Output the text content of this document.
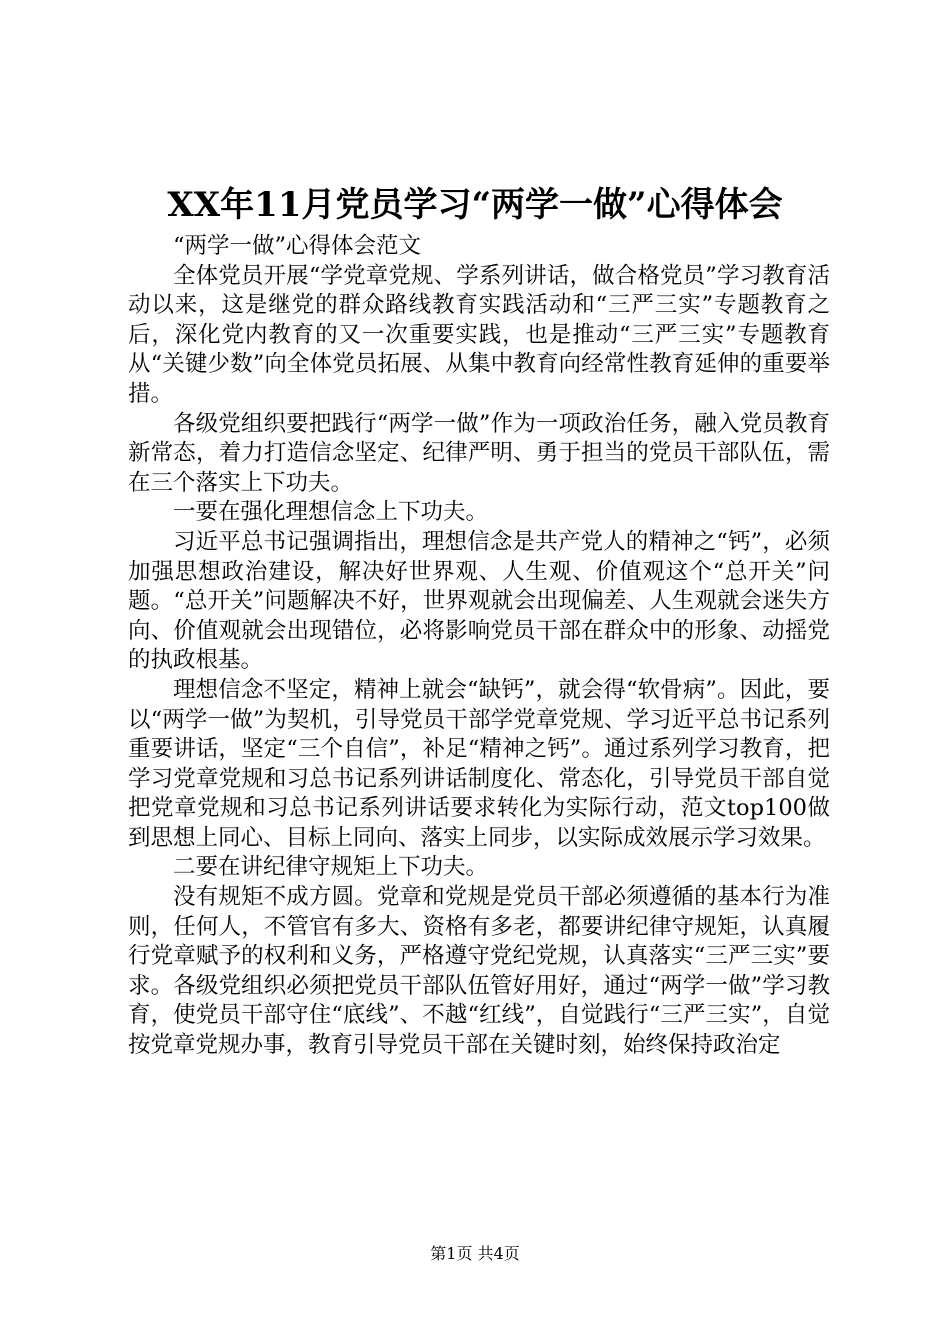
XX年11月党员学习“两学一做”心得体会

“两学一做”心得体会范文

全体党员开展“学党章党规、学系列讲话，做合格党员”学习教育活动以来，这是继党的群众路线教育实践活动和“三严三实”专题教育之后，深化党内教育的又一次重要实践，也是推动“三严三实”专题教育从“关键少数”向全体党员拓展、从集中教育向经常性教育延伸的重要举措。

各级党组织要把践行“两学一做”作为一项政治任务，融入党员教育新常态，着力打造信念坚定、纪律严明、勇于担当的党员干部队伍，需在三个落实上下功夫。

一要在强化理想信念上下功夫。

习近平总书记强调指出，理想信念是共产党人的精神之“钙”，必须加强思想政治建设，解决好世界观、人生观、价值观这个“总开关”问题。“总开关”问题解决不好，世界观就会出现偏差、人生观就会迷失方向、价值观就会出现错位，必将影响党员干部在群众中的形象、动摇党的执政根基。

理想信念不坚定，精神上就会“缺钙”，就会得“软骨病”。因此，要以“两学一做”为契机，引导党员干部学党章党规、学习近平总书记系列重要讲话，坚定“三个自信”，补足“精神之钙”。通过系列学习教育，把学习党章党规和习总书记系列讲话制度化、常态化，引导党员干部自觉把党章党规和习总书记系列讲话要求转化为实际行动，范文top100做到思想上同心、目标上同向、落实上同步，以实际成效展示学习效果。

二要在讲纪律守规矩上下功夫。

没有规矩不成方圆。党章和党规是党员干部必须遵循的基本行为准则，任何人，不管官有多大、资格有多老，都要讲纪律守规矩，认真履行党章赋予的权利和义务，严格遵守党纪党规，认真落实“三严三实”要求。各级党组织必须把党员干部队伍管好用好，通过“两学一做”学习教育，使党员干部守住“底线”、不越“红线”，自觉践行“三严三实”，自觉按党章党规办事，教育引导党员干部在关键时刻，始终保持政治定

第1页 共4页
